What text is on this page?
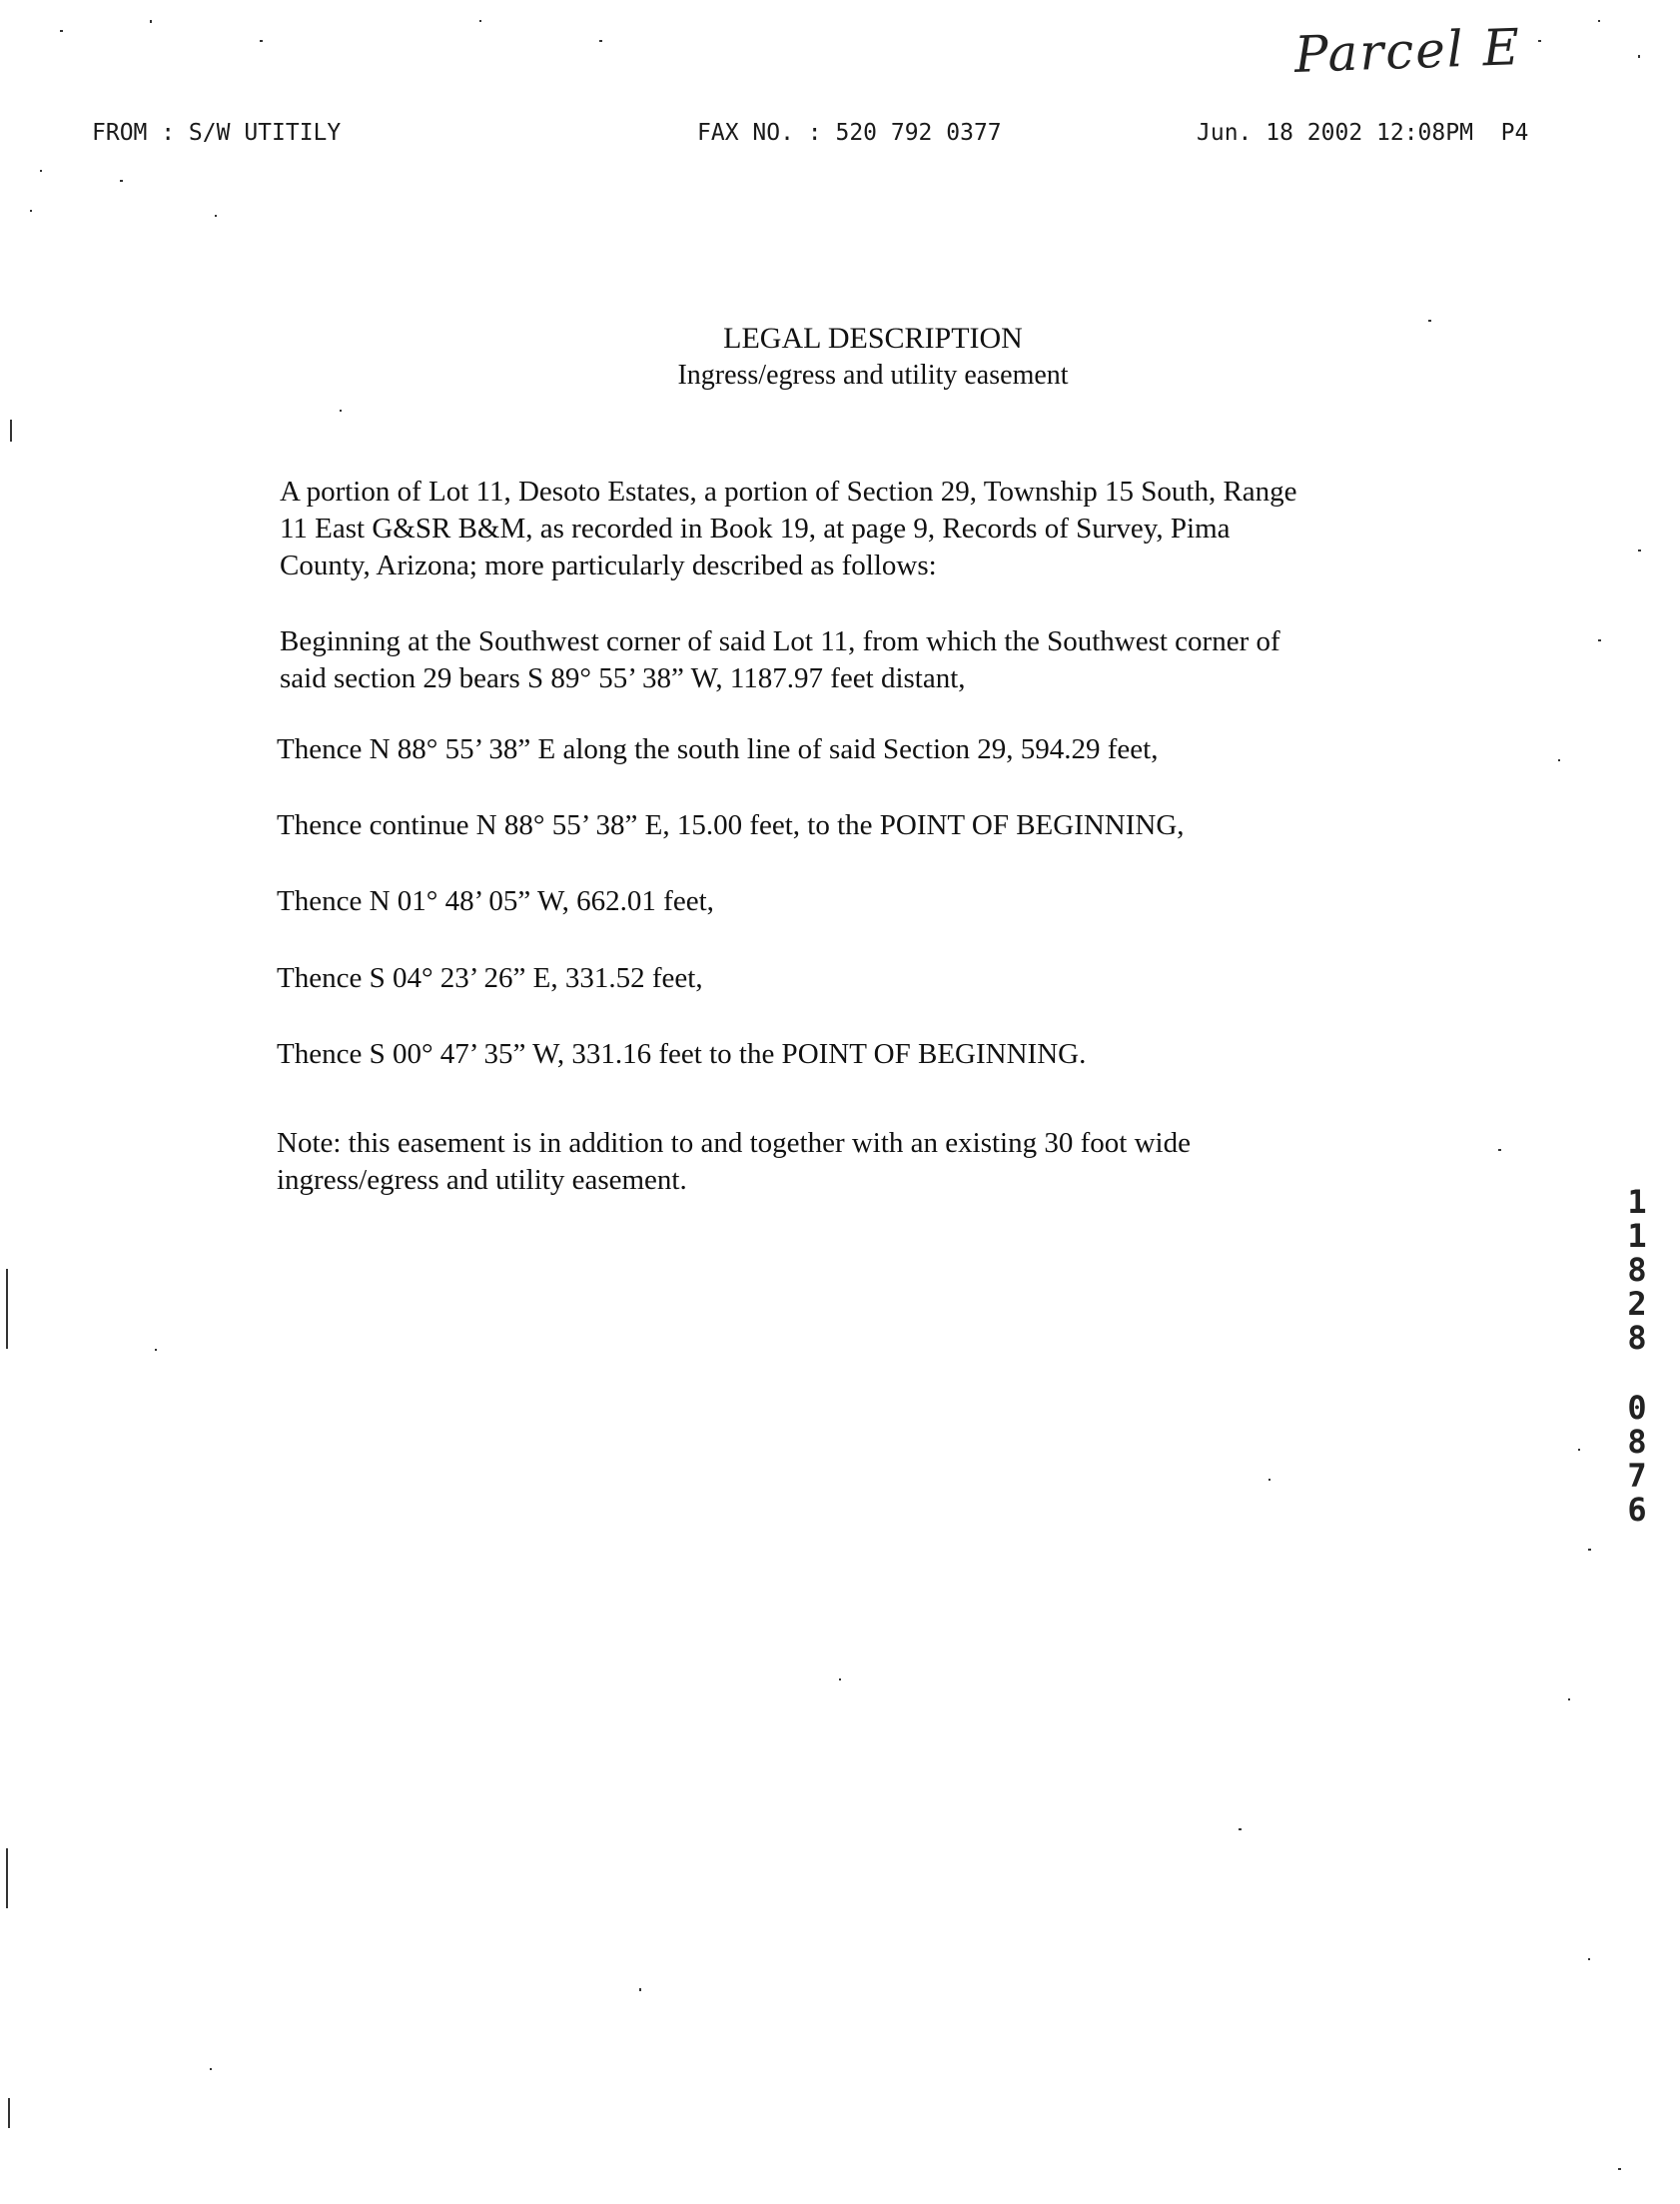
Parcel E
FROM : S/W UTITILY	FAX NO. : 520 792 0377	Jun. 18 2002 12:08PM P4
LEGAL DESCRIPTION
Ingress/egress and utility easement

A portion of Lot 11, Desoto Estates, a portion of Section 29, Township 15 South, Range
11 East G&SR B&M, as recorded in Book 19, at page 9, Records of Survey, Pima
County, Arizona; more particularly described as follows:

Beginning at the Southwest corner of said Lot 11, from which the Southwest corner of
said section 29 bears S 89° 55’ 38” W, 1187.97 feet distant,

Thence N 88° 55’ 38” E along the south line of said Section 29, 594.29 feet,

Thence continue N 88° 55’ 38” E, 15.00 feet, to the POINT OF BEGINNING,

Thence N 01° 48’ 05” W, 662.01 feet,

Thence S 04° 23’ 26” E, 331.52 feet,

Thence S 00° 47’ 35” W, 331.16 feet to the POINT OF BEGINNING.

Note: this easement is in addition to and together with an existing 30 foot wide
ingress/egress and utility easement.

1
1
8
2
8
0
8
7
6
